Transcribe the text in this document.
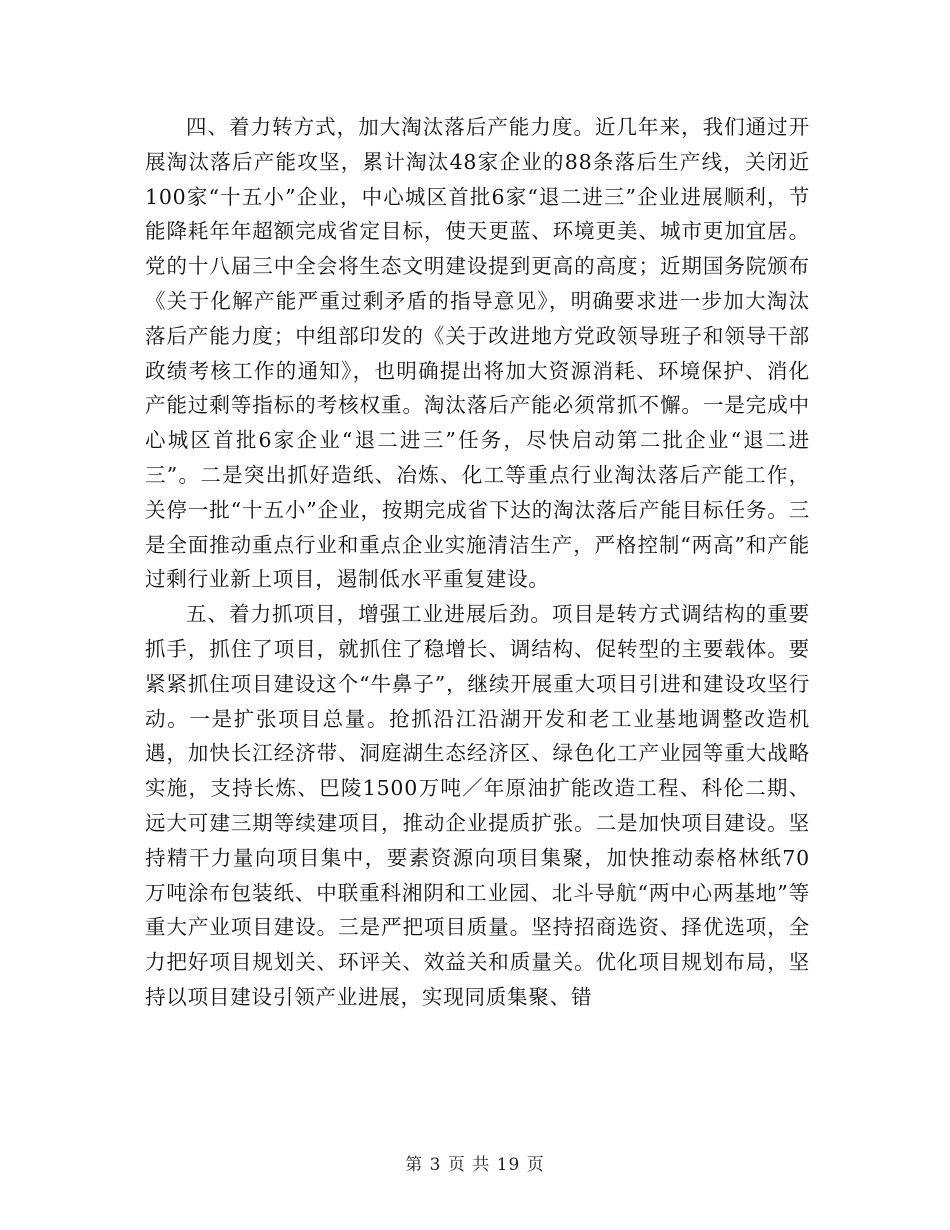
四、着力转方式，加大淘汰落后产能力度。近几年来，我们通过开展淘汰落后产能攻坚，累计淘汰48家企业的88条落后生产线，关闭近100家“十五小”企业，中心城区首批6家“退二进三”企业进展顺利，节能降耗年年超额完成省定目标，使天更蓝、环境更美、城市更加宜居。党的十八届三中全会将生态文明建设提到更高的高度；近期国务院颁布《关于化解产能严重过剩矛盾的指导意见》，明确要求进一步加大淘汰落后产能力度；中组部印发的《关于改进地方党政领导班子和领导干部政绩考核工作的通知》，也明确提出将加大资源消耗、环境保护、消化产能过剩等指标的考核权重。淘汰落后产能必须常抓不懈。一是完成中心城区首批6家企业“退二进三”任务，尽快启动第二批企业“退二进三”。二是突出抓好造纸、冶炼、化工等重点行业淘汰落后产能工作，关停一批“十五小”企业，按期完成省下达的淘汰落后产能目标任务。三是全面推动重点行业和重点企业实施清洁生产，严格控制“两高”和产能过剩行业新上项目，遏制低水平重复建设。

五、着力抓项目，增强工业进展后劲。项目是转方式调结构的重要抓手，抓住了项目，就抓住了稳增长、调结构、促转型的主要载体。要紧紧抓住项目建设这个“牛鼻子”，继续开展重大项目引进和建设攻坚行动。一是扩张项目总量。抢抓沿江沿湖开发和老工业基地调整改造机遇，加快长江经济带、洞庭湖生态经济区、绿色化工产业园等重大战略实施，支持长炼、巴陵1500万吨／年原油扩能改造工程、科伦二期、远大可建三期等续建项目，推动企业提质扩张。二是加快项目建设。坚持精干力量向项目集中，要素资源向项目集聚，加快推动泰格林纸70万吨涂布包装纸、中联重科湘阴和工业园、北斗导航“两中心两基地”等重大产业项目建设。三是严把项目质量。坚持招商选资、择优选项，全力把好项目规划关、环评关、效益关和质量关。优化项目规划布局，坚持以项目建设引领产业进展，实现同质集聚、错

第 3 页 共 19 页
